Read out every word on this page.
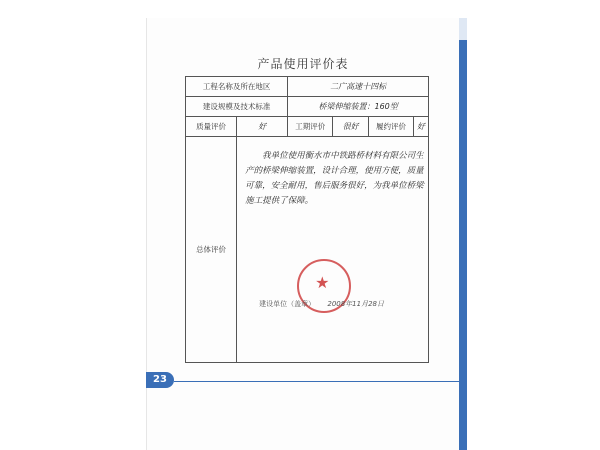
产品使用评价表
工程名称及所在地区		二广高速十四标			
建设规模及技术标准		桥梁伸缩装置：160型			
质量评价	好	工期评价	很好	履约评价	好
总体评价	我单位使用衡水市中铁路桥材料有限公司生产的桥梁伸缩装置，设计合理，使用方便，质量可靠，安全耐用，售后服务很好，为我单位桥梁施工提供了保障。
★
建设单位（盖章） 2008年11月28日				
23
